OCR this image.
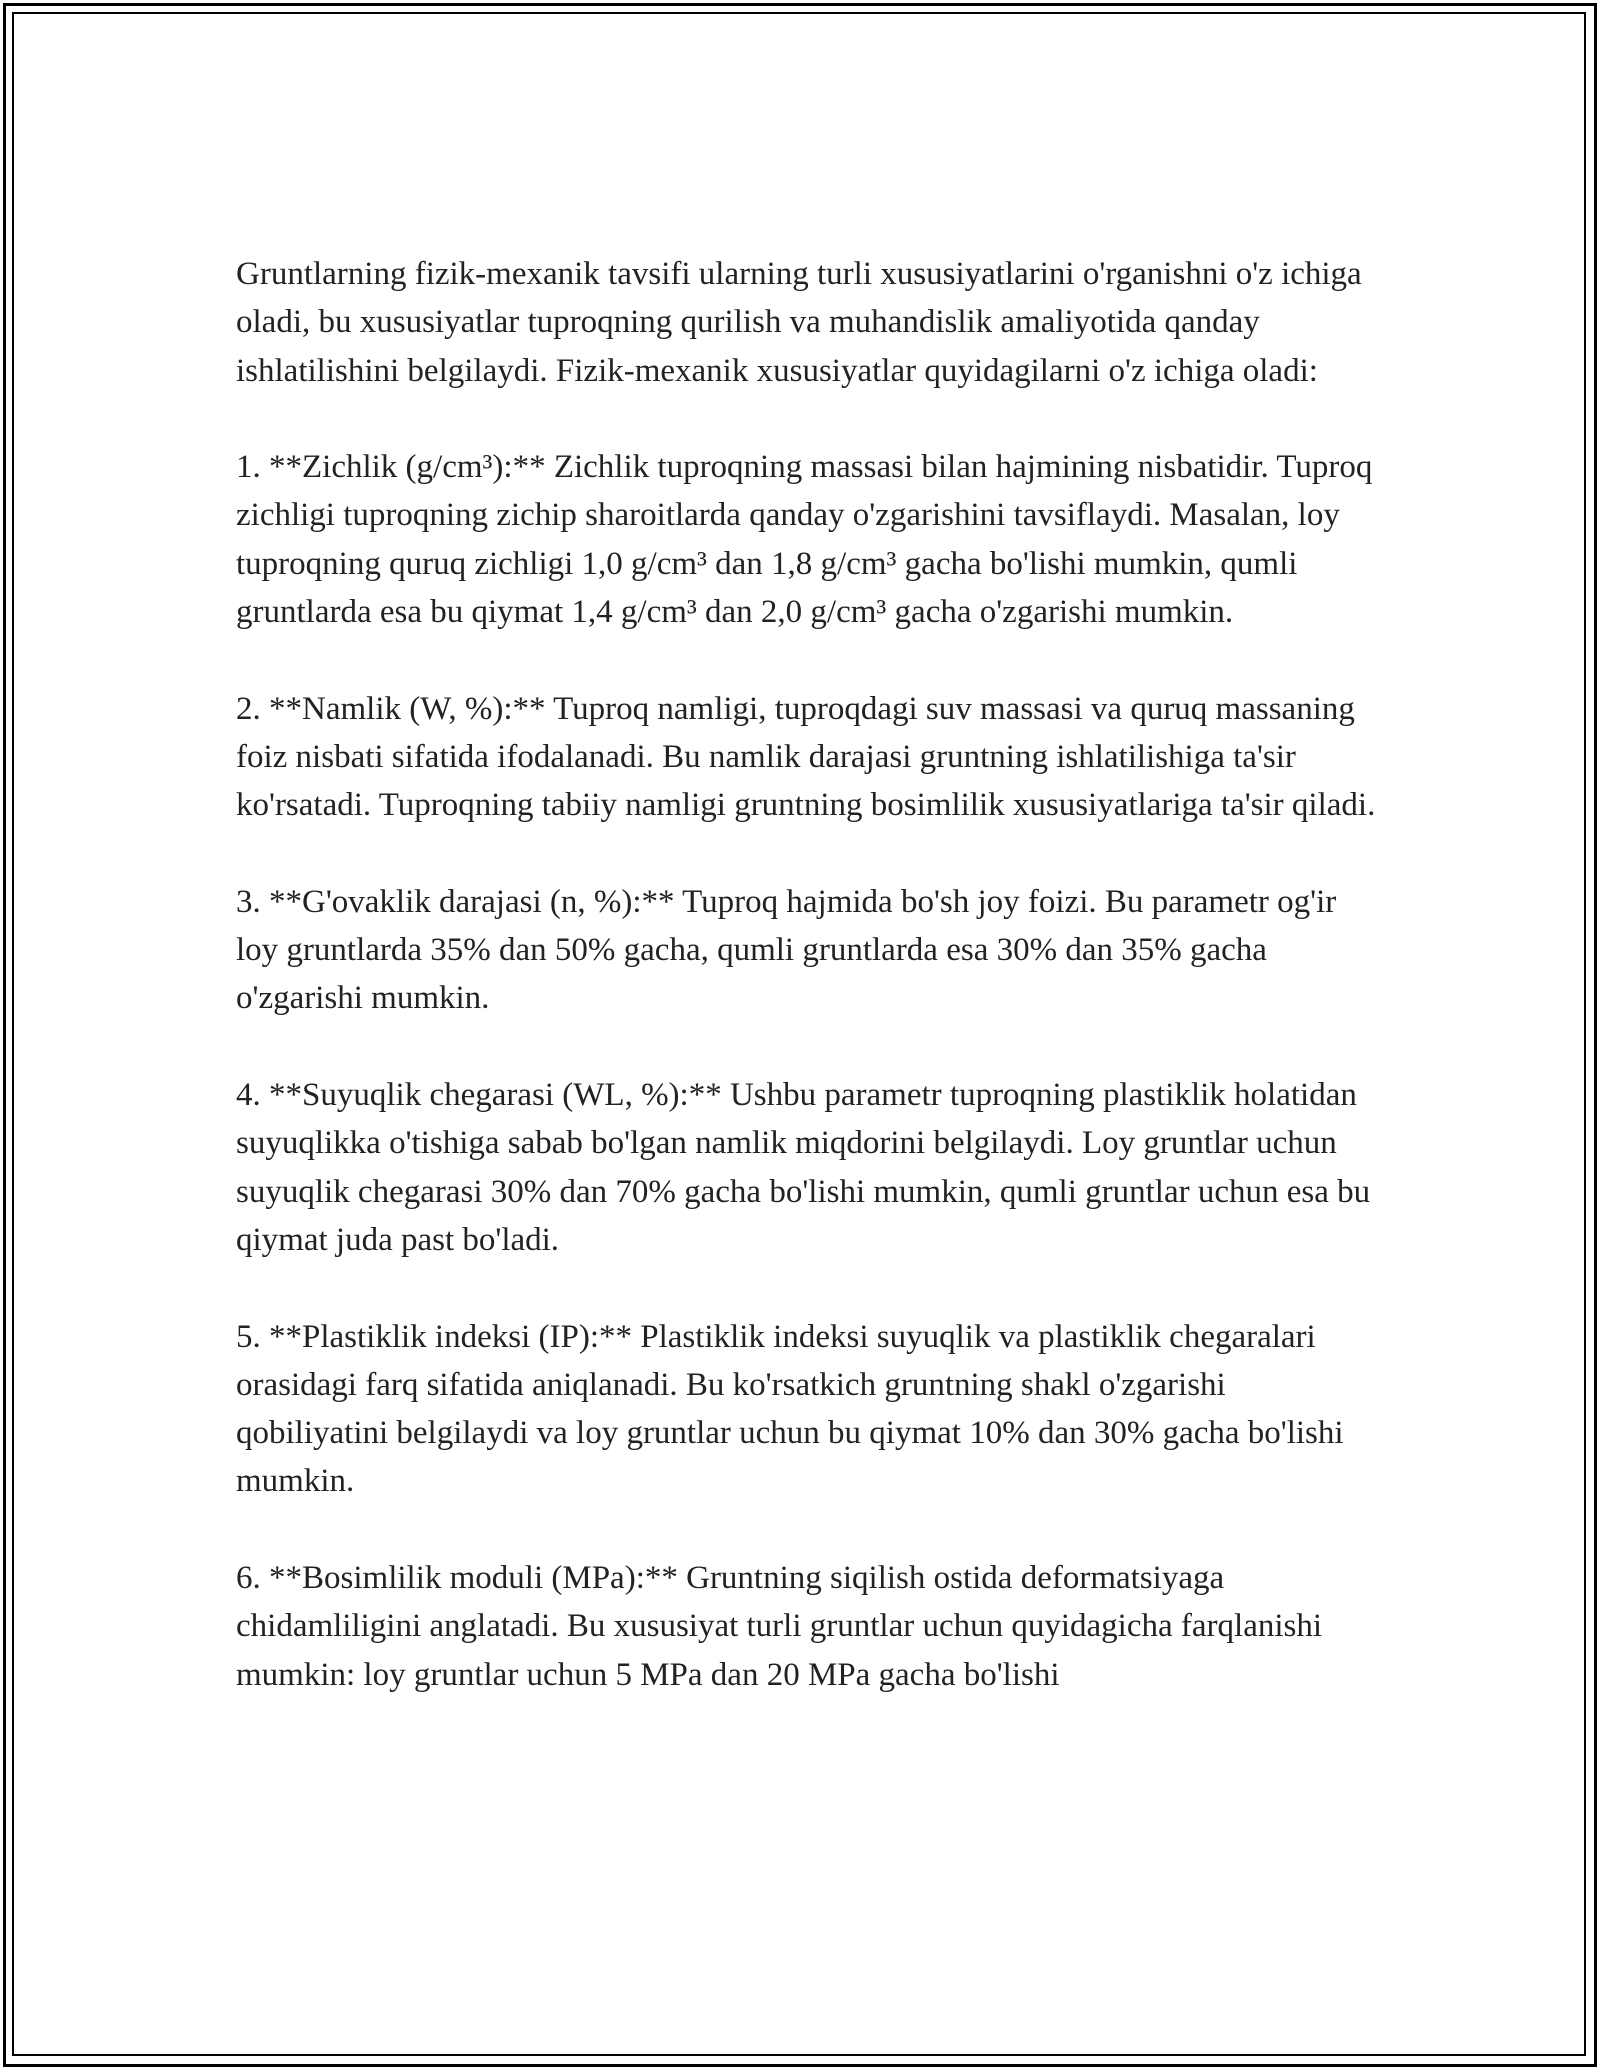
Gruntlarning fizik-mexanik tavsifi ularning turli xususiyatlarini o'rganishni o'z ichiga oladi, bu xususiyatlar tuproqning qurilish va muhandislik amaliyotida qanday ishlatilishini belgilaydi. Fizik-mexanik xususiyatlar quyidagilarni o'z ichiga oladi:

1. **Zichlik (g/cm³):** Zichlik tuproqning massasi bilan hajmining nisbatidir. Tuproq zichligi tuproqning zichip sharoitlarda qanday o'zgarishini tavsiflaydi. Masalan, loy tuproqning quruq zichligi 1,0 g/cm³ dan 1,8 g/cm³ gacha bo'lishi mumkin, qumli gruntlarda esa bu qiymat 1,4 g/cm³ dan 2,0 g/cm³ gacha o'zgarishi mumkin.

2. **Namlik (W, %):** Tuproq namligi, tuproqdagi suv massasi va quruq massaning foiz nisbati sifatida ifodalanadi. Bu namlik darajasi gruntning ishlatilishiga ta'sir ko'rsatadi. Tuproqning tabiiy namligi gruntning bosimlilik xususiyatlariga ta'sir qiladi.

3. **G'ovaklik darajasi (n, %):** Tuproq hajmida bo'sh joy foizi. Bu parametr og'ir loy gruntlarda 35% dan 50% gacha, qumli gruntlarda esa 30% dan 35% gacha o'zgarishi mumkin.

4. **Suyuqlik chegarasi (WL, %):** Ushbu parametr tuproqning plastiklik holatidan suyuqlikka o'tishiga sabab bo'lgan namlik miqdorini belgilaydi. Loy gruntlar uchun suyuqlik chegarasi 30% dan 70% gacha bo'lishi mumkin, qumli gruntlar uchun esa bu qiymat juda past bo'ladi.

5. **Plastiklik indeksi (IP):** Plastiklik indeksi suyuqlik va plastiklik chegaralari orasidagi farq sifatida aniqlanadi. Bu ko'rsatkich gruntning shakl o'zgarishi qobiliyatini belgilaydi va loy gruntlar uchun bu qiymat 10% dan 30% gacha bo'lishi mumkin.

6. **Bosimlilik moduli (MPa):** Gruntning siqilish ostida deformatsiyaga chidamliligini anglatadi. Bu xususiyat turli gruntlar uchun quyidagicha farqlanishi mumkin: loy gruntlar uchun 5 MPa dan 20 MPa gacha bo'lishi
